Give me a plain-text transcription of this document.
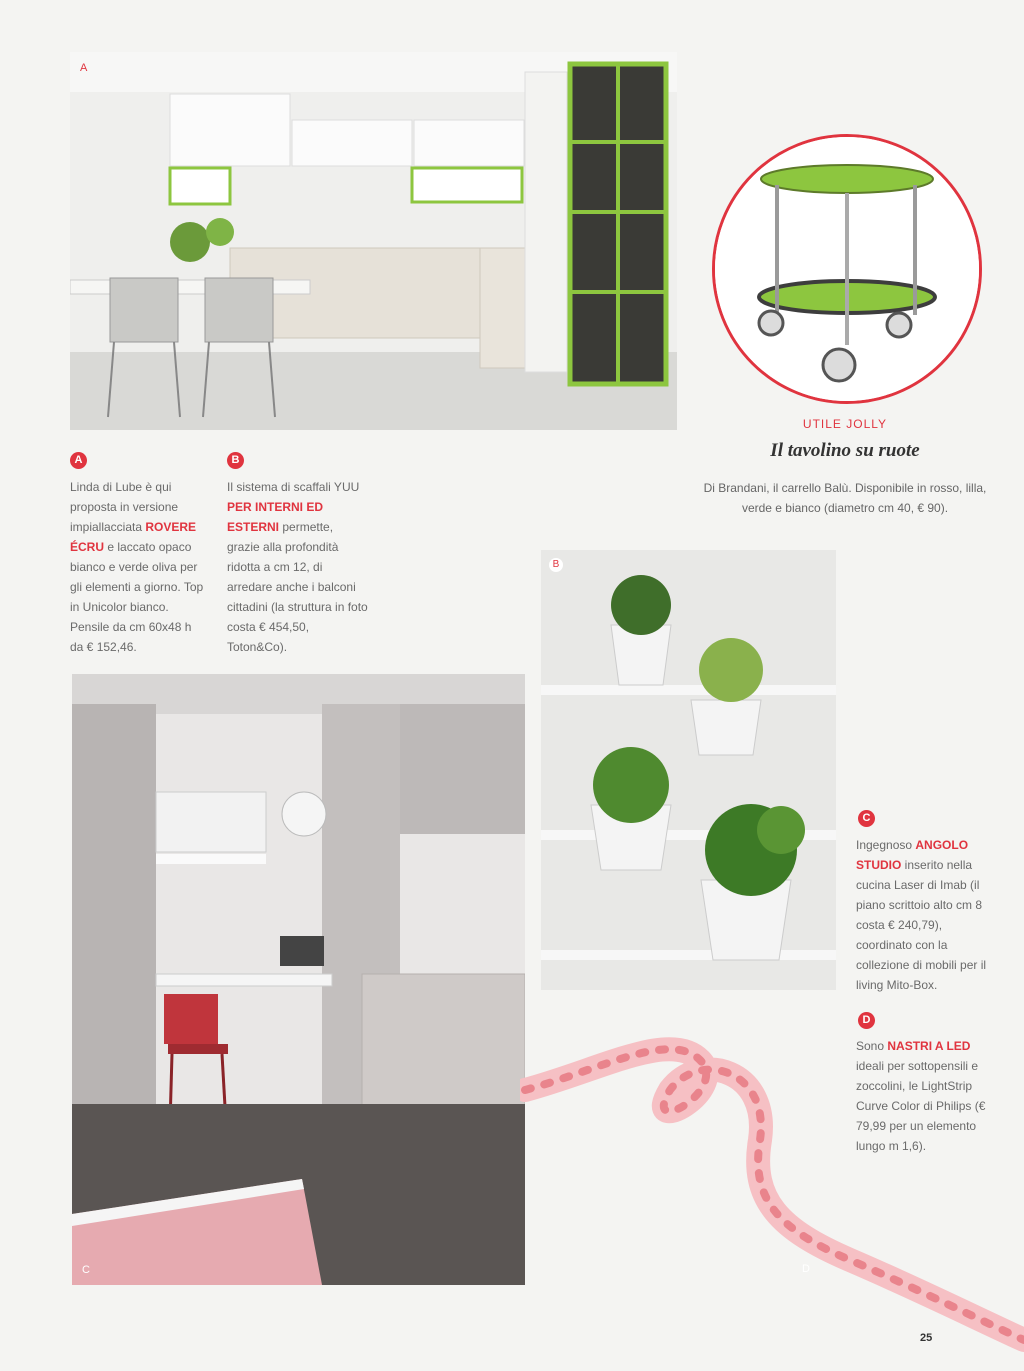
A
UTILE JOLLY
Il tavolino su ruote
Di Brandani, il carrello Balù. Disponibile in rosso, lilla, verde e bianco (diametro cm 40, € 90).
A
Linda di Lube è qui proposta in versione impiallacciata ROVERE ÉCRU e laccato opaco bianco e verde oliva per gli elementi a giorno. Top in Unicolor bianco. Pensile da cm 60x48 h da € 152,46.
B
Il sistema di scaffali YUU PER INTERNI ED ESTERNI permette, grazie alla profondità ridotta a cm 12, di arredare anche i balconi cittadini (la struttura in foto costa € 454,50, Toton&Co).
B

C
C
Ingegnoso ANGOLO STUDIO inserito nella cucina Laser di Imab (il piano scrittoio alto cm 8 costa € 240,79), coordinato con la collezione di mobili per il living Mito-Box.
D
Sono NASTRI A LED ideali per sottopensili e zoccolini, le LightStrip Curve Color di Philips (€ 79,99 per un elemento lungo m 1,6).
D
25
